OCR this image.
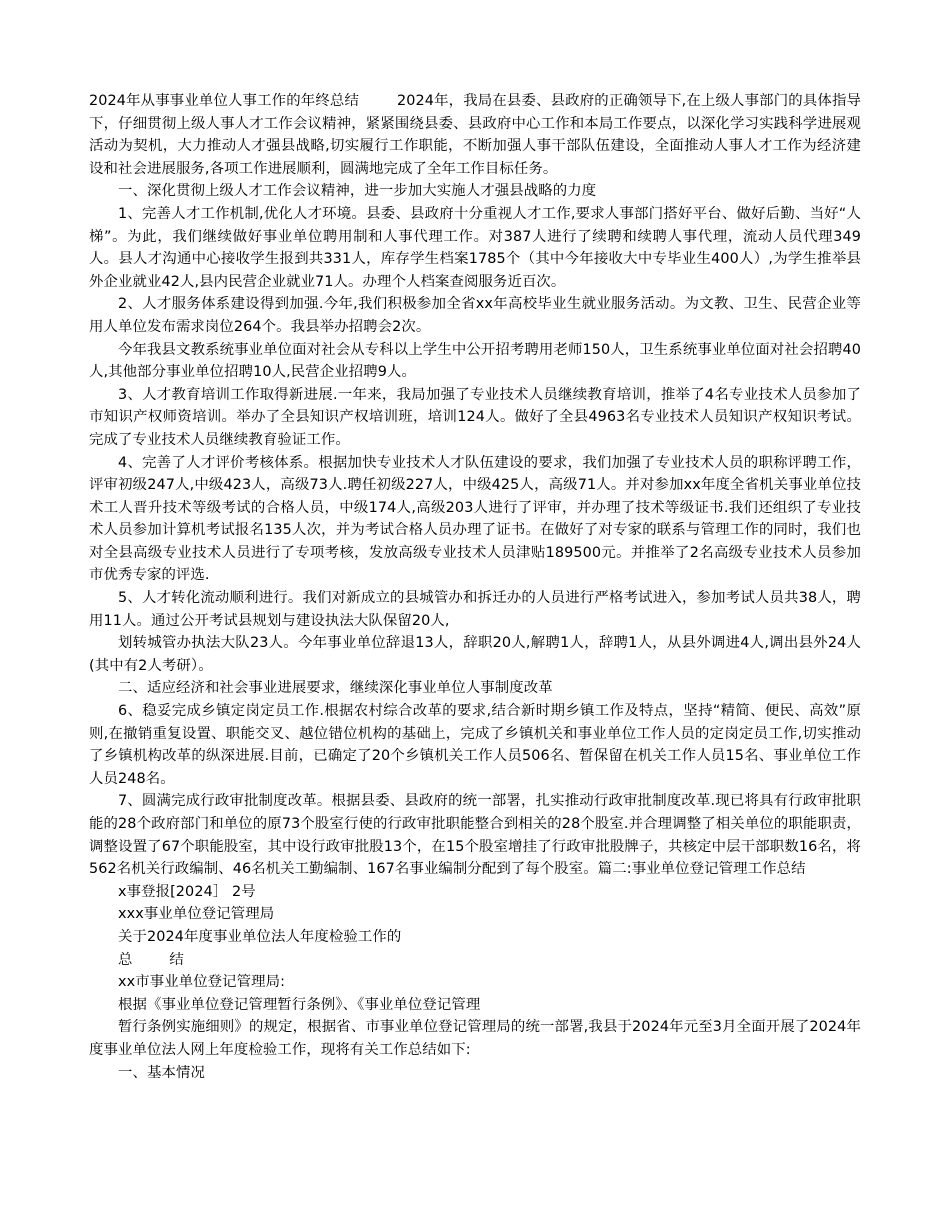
2024年从事事业单位人事工作的年终总结	2024年，我局在县委、县政府的正确领导下,在上级人事部门的具体指导下，仔细贯彻上级人事人才工作会议精神，紧紧围绕县委、县政府中心工作和本局工作要点，以深化学习实践科学进展观活动为契机，大力推动人才强县战略,切实履行工作职能，不断加强人事干部队伍建设，全面推动人事人才工作为经济建设和社会进展服务,各项工作进展顺利，圆满地完成了全年工作目标任务。

一、深化贯彻上级人才工作会议精神，进一步加大实施人才强县战略的力度

1、完善人才工作机制,优化人才环境。县委、县政府十分重视人才工作,要求人事部门搭好平台、做好后勤、当好“人梯”。为此，我们继续做好事业单位聘用制和人事代理工作。对387人进行了续聘和续聘人事代理，流动人员代理349人。县人才沟通中心接收学生报到共331人，库存学生档案1785个（其中今年接收大中专毕业生400人）,为学生推举县外企业就业42人,县内民营企业就业71人。办理个人档案查阅服务近百次。

2、人才服务体系建设得到加强.今年,我们积极参加全省xx年高校毕业生就业服务活动。为文教、卫生、民营企业等用人单位发布需求岗位264个。我县举办招聘会2次。

今年我县文教系统事业单位面对社会从专科以上学生中公开招考聘用老师150人，卫生系统事业单位面对社会招聘40人,其他部分事业单位招聘10人,民营企业招聘9人。

3、人才教育培训工作取得新进展.一年来，我局加强了专业技术人员继续教育培训，推举了4名专业技术人员参加了市知识产权师资培训。举办了全县知识产权培训班，培训124人。做好了全县4963名专业技术人员知识产权知识考试。完成了专业技术人员继续教育验证工作。

4、完善了人才评价考核体系。根据加快专业技术人才队伍建设的要求，我们加强了专业技术人员的职称评聘工作，评审初级247人,中级423人，高级73人.聘任初级227人，中级425人，高级71人。并对参加xx年度全省机关事业单位技术工人晋升技术等级考试的合格人员，中级174人,高级203人进行了评审，并办理了技术等级证书.我们还组织了专业技术人员参加计算机考试报名135人次，并为考试合格人员办理了证书。在做好了对专家的联系与管理工作的同时，我们也对全县高级专业技术人员进行了专项考核，发放高级专业技术人员津贴189500元。并推举了2名高级专业技术人员参加市优秀专家的评选.

5、人才转化流动顺利进行。我们对新成立的县城管办和拆迁办的人员进行严格考试进入，参加考试人员共38人，聘用11人。通过公开考试县规划与建设执法大队保留20人,

划转城管办执法大队23人。今年事业单位辞退13人，辞职20人,解聘1人，辞聘1人，从县外调进4人,调出县外24人(其中有2人考研）。

二、适应经济和社会事业进展要求，继续深化事业单位人事制度改革

6、稳妥完成乡镇定岗定员工作.根据农村综合改革的要求,结合新时期乡镇工作及特点，坚持“精简、便民、高效”原则,在撤销重复设置、职能交叉、越位错位机构的基础上，完成了乡镇机关和事业单位工作人员的定岗定员工作,切实推动了乡镇机构改革的纵深进展.目前，已确定了20个乡镇机关工作人员506名、暂保留在机关工作人员15名、事业单位工作人员248名。

7、圆满完成行政审批制度改革。根据县委、县政府的统一部署，扎实推动行政审批制度改革.现已将具有行政审批职能的28个政府部门和单位的原73个股室行使的行政审批职能整合到相关的28个股室.并合理调整了相关单位的职能职责，调整设置了67个职能股室，其中设行政审批股13个，在15个股室增挂了行政审批股牌子，共核定中层干部职数16名，将562名机关行政编制、46名机关工勤编制、167名事业编制分配到了每个股室。篇二:事业单位登记管理工作总结

x事登报[2024］ 2号

xxx事业单位登记管理局

关于2024年度事业单位法人年度检验工作的

总　 结

xx市事业单位登记管理局:

根据《事业单位登记管理暂行条例》、《事业单位登记管理

暂行条例实施细则》的规定，根据省、市事业单位登记管理局的统一部署,我县于2024年元至3月全面开展了2024年度事业单位法人网上年度检验工作，现将有关工作总结如下:

一、基本情况
